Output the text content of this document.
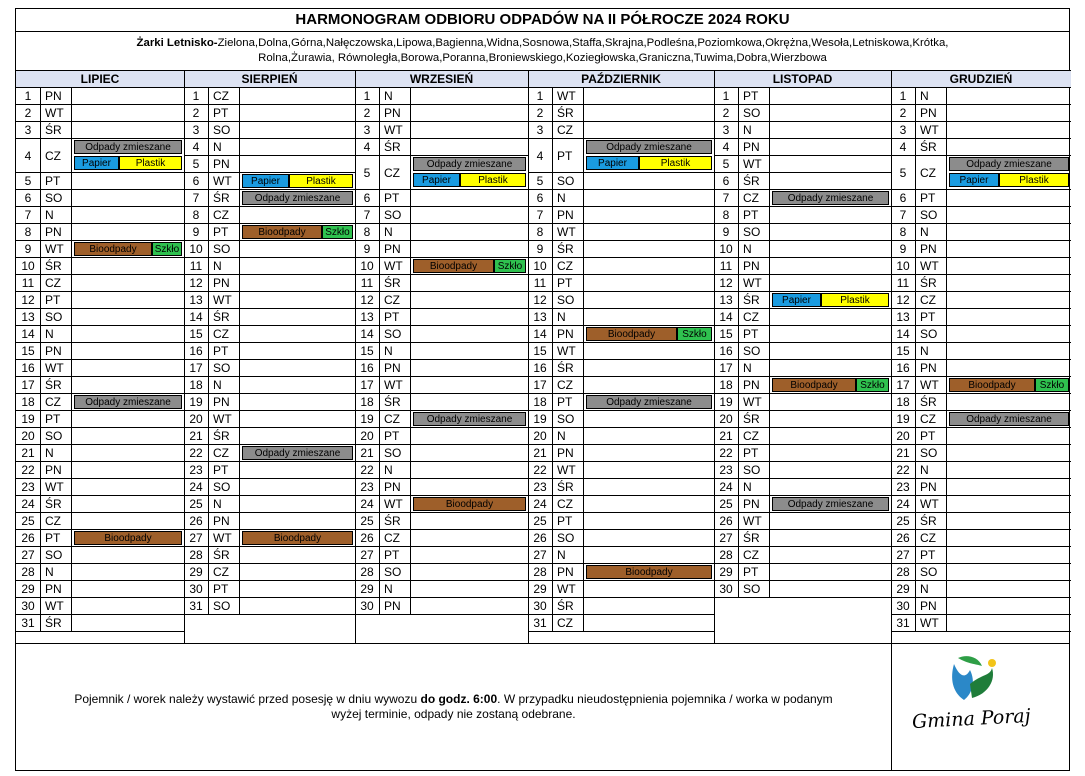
HARMONOGRAM ODBIORU ODPADÓW NA II PÓŁROCZE 2024 ROKU
Żarki Letnisko-Zielona,Dolna,Górna,Nałęczowska,Lipowa,Bagienna,Widna,Sosnowa,Staffa,Skrajna,Podleśna,Poziomkowa,Okrężna,Wesoła,Letniskowa,Krótka,
Rolna,Żurawia, Równoległa,Borowa,Poranna,Broniewskiego,Koziegłowska,Graniczna,Tuwima,Dobra,Wierzbowa
LIPIEC
1	PN
2	WT
3	ŚR
4	CZ
Odpady zmieszane
Papier	Plastik
5	PT
6	SO
7	N
8	PN
9	WT	Bioodpady	Szkło
10 ŚR
11 CZ
12 PT
13 SO
14 N
15 PN
16 WT
17 ŚR
18 CZ	Odpady zmieszane
19 PT
20 SO
21 N
22 PN
23 WT
24 ŚR
25 CZ
26 PT	Bioodpady
27 SO
28 N
29 PN
30 WT
31 ŚR
SIERPIEŃ
1	CZ
2	PT
3	SO
4	N
5	PN
6	WT	Papier	Plastik
7	ŚR	Odpady zmieszane
8	CZ
9	PT	Bioodpady	Szkło
10 SO
11 N
12 PN
13 WT
14 ŚR
15 CZ
16 PT
17 SO
18 N
19 PN
20 WT
21 ŚR
22 CZ	Odpady zmieszane
23 PT
24 SO
25 N
26 PN
27 WT	Bioodpady
28 ŚR
29 CZ
30 PT
31 SO
WRZESIEŃ
1	N
2	PN
3	WT
4	ŚR
5	CZ
Odpady zmieszane
Papier	Plastik
6	PT
7	SO
8	N
9	PN
10 WT	Bioodpady	Szkło
11 ŚR
12 CZ
13 PT
14 SO
15 N
16 PN
17 WT
18 ŚR
19 CZ	Odpady zmieszane
20 PT
21 SO
22 N
23 PN
24 WT	Bioodpady
25 ŚR
26 CZ
27 PT
28 SO
29 N
30 PN
PAŹDZIERNIK
1	WT
2	ŚR
3	CZ
4	PT
Odpady zmieszane
Papier	Plastik
5	SO
6	N
7	PN
8	WT
9	ŚR
10 CZ
11 PT
12 SO
13 N
14 PN	Bioodpady	Szkło
15 WT
16 ŚR
17 CZ
18 PT	Odpady zmieszane
19 SO
20 N
21 PN
22 WT
23 ŚR
24 CZ
25 PT
26 SO
27 N
28 PN	Bioodpady
29 WT
30 ŚR
31 CZ
LISTOPAD
1	PT
2	SO
3	N
4	PN
5	WT
6	ŚR
7	CZ	Odpady zmieszane
8	PT
9	SO
10 N
11 PN
12 WT
13 ŚR	Papier	Plastik
14 CZ
15 PT
16 SO
17 N
18 PN	Bioodpady	Szkło
19 WT
20 ŚR
21 CZ
22 PT
23 SO
24 N
25 PN	Odpady zmieszane
26 WT
27 ŚR
28 CZ
29 PT
30 SO
GRUDZIEŃ
1	N
2	PN
3	WT
4	ŚR
5	CZ
Odpady zmieszane
Papier	Plastik
6	PT
7	SO
8	N
9	PN
10 WT
11 ŚR
12 CZ
13 PT
14 SO
15 N
16 PN
17 WT	Bioodpady	Szkło
18 ŚR
19 CZ	Odpady zmieszane
20 PT
21 SO
22 N
23 PN
24 WT
25 ŚR
26 CZ
27 PT
28 SO
29 N
30 PN
31 WT
Pojemnik / worek należy wystawić przed posesję w dniu wywozu do godz. 6:00. W przypadku nieudostępnienia pojemnika / worka w podanym
wyżej terminie, odpady nie zostaną odebrane.	Gmina Poraj
